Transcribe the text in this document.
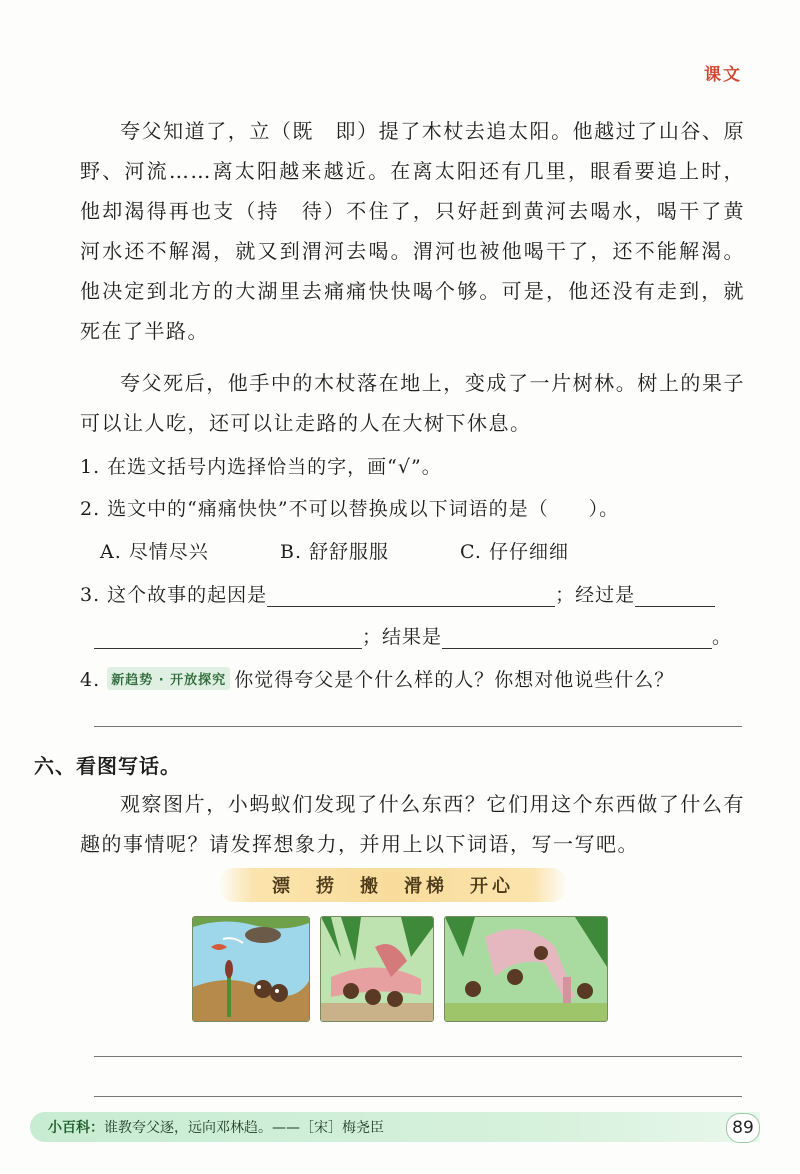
课文
夸父知道了，立（既　即）提了木杖去追太阳。他越过了山谷、原野、河流……离太阳越来越近。在离太阳还有几里，眼看要追上时，他却渴得再也支（持　待）不住了，只好赶到黄河去喝水，喝干了黄河水还不解渴，就又到渭河去喝。渭河也被他喝干了，还不能解渴。他决定到北方的大湖里去痛痛快快喝个够。可是，他还没有走到，就死在了半路。
夸父死后，他手中的木杖落在地上，变成了一片树林。树上的果子可以让人吃，还可以让走路的人在大树下休息。
1. 在选文括号内选择恰当的字，画“√”。
2. 选文中的“痛痛快快”不可以替换成以下词语的是（　　）。
A. 尽情尽兴	B. 舒舒服服	C. 仔仔细细
3. 这个故事的起因是	；经过是
；结果是	。
4. 新趋势 · 开放探究 你觉得夸父是个什么样的人？你想对他说些什么？
六、看图写话。
观察图片，小蚂蚁们发现了什么东西？它们用这个东西做了什么有趣的事情呢？请发挥想象力，并用上以下词语，写一写吧。
漂 捞 搬 滑梯 开心
小百科：谁教夸父逐，远向邓林趋。——［宋］梅尧臣	89
